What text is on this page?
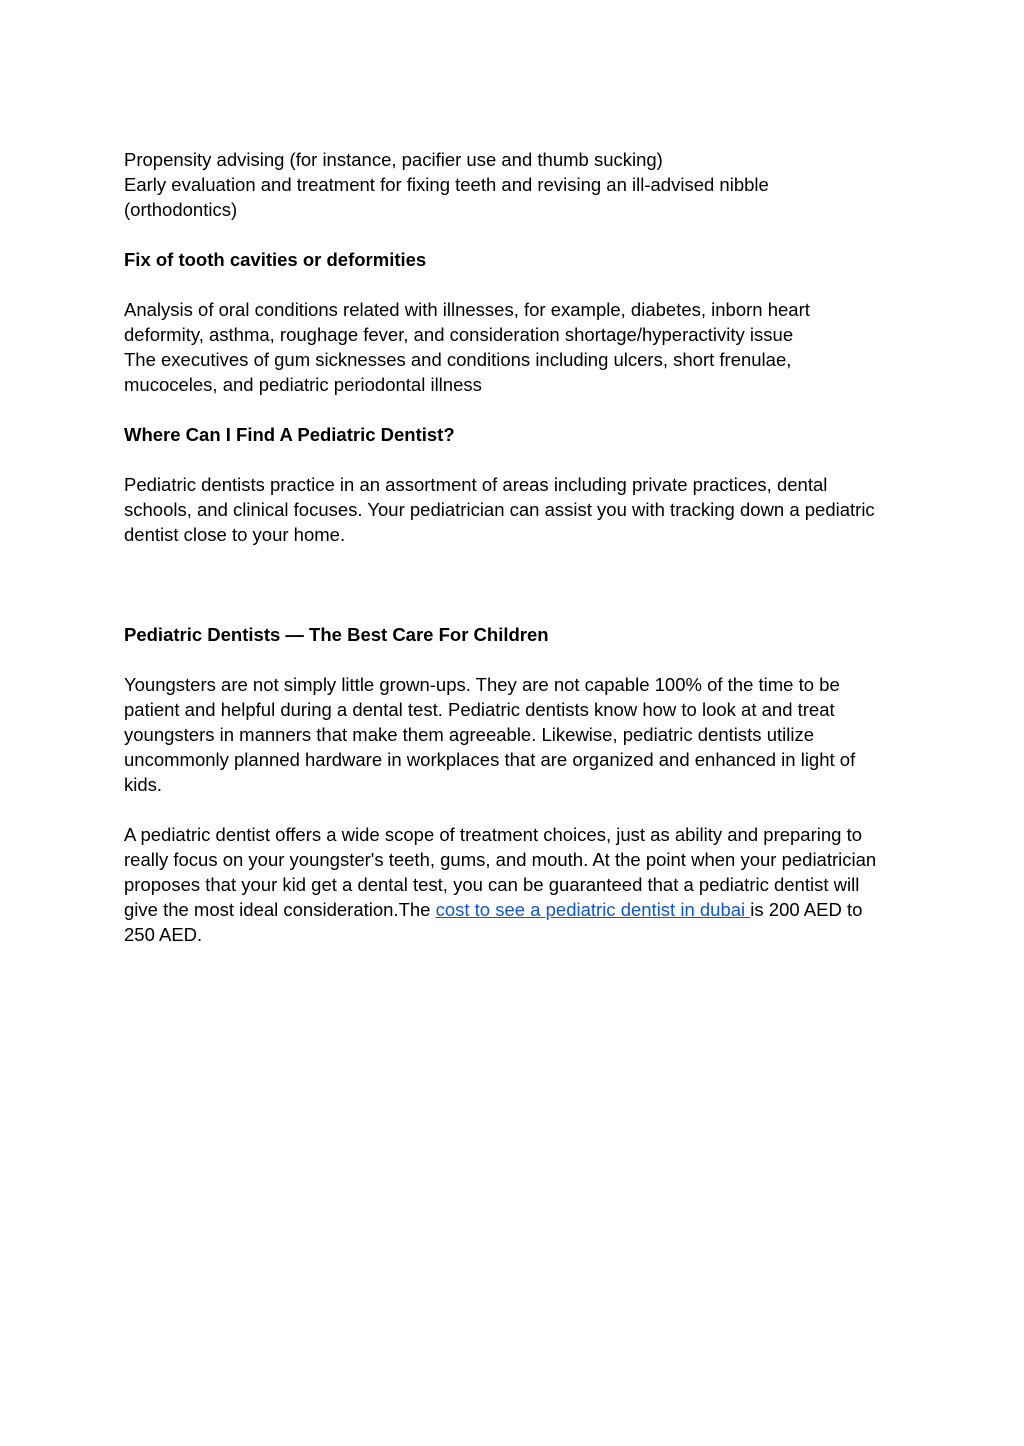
Propensity advising (for instance, pacifier use and thumb sucking)
Early evaluation and treatment for fixing teeth and revising an ill-advised nibble
(orthodontics)

Fix of tooth cavities or deformities

Analysis of oral conditions related with illnesses, for example, diabetes, inborn heart
deformity, asthma, roughage fever, and consideration shortage/hyperactivity issue
The executives of gum sicknesses and conditions including ulcers, short frenulae,
mucoceles, and pediatric periodontal illness

Where Can I Find A Pediatric Dentist?

Pediatric dentists practice in an assortment of areas including private practices, dental
schools, and clinical focuses. Your pediatrician can assist you with tracking down a pediatric
dentist close to your home.

Pediatric Dentists — The Best Care For Children

Youngsters are not simply little grown-ups. They are not capable 100% of the time to be
patient and helpful during a dental test. Pediatric dentists know how to look at and treat
youngsters in manners that make them agreeable. Likewise, pediatric dentists utilize
uncommonly planned hardware in workplaces that are organized and enhanced in light of
kids.

A pediatric dentist offers a wide scope of treatment choices, just as ability and preparing to
really focus on your youngster's teeth, gums, and mouth. At the point when your pediatrician
proposes that your kid get a dental test, you can be guaranteed that a pediatric dentist will
give the most ideal consideration.The cost to see a pediatric dentist in dubai is 200 AED to
250 AED.
